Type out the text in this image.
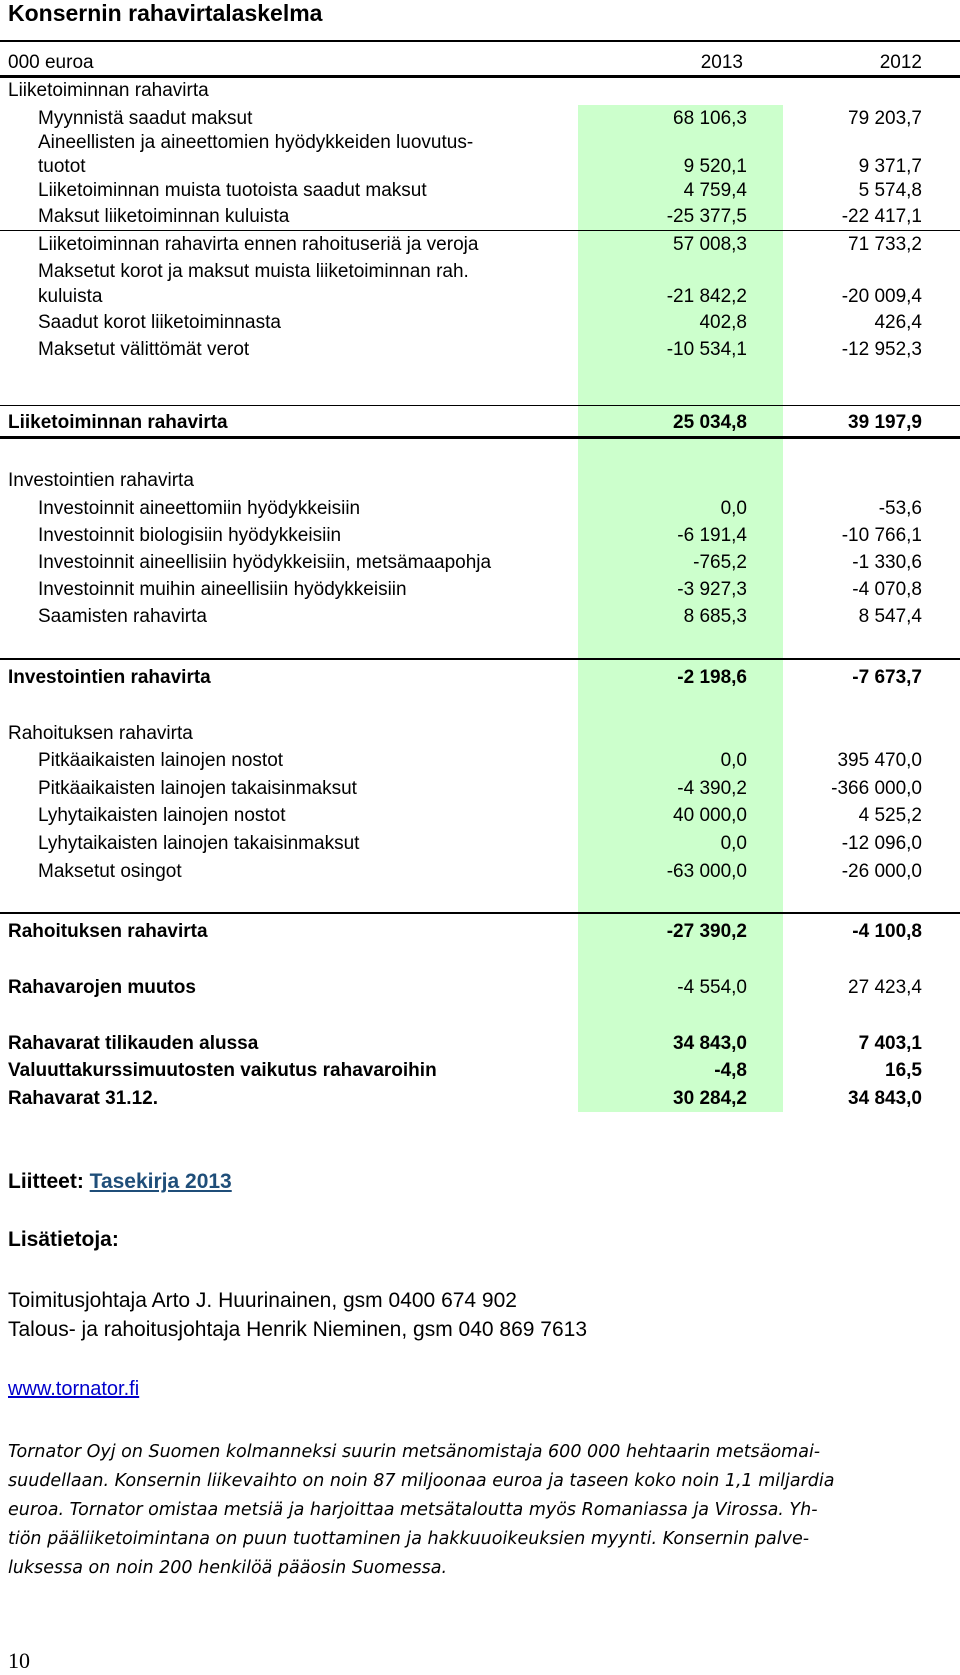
Konsernin rahavirtalaskelma
000 euroa	2013	2012
Liiketoiminnan rahavirta
Myynnistä saadut maksut	68 106,3	79 203,7
Aineellisten ja aineettomien hyödykkeiden luovutus-
tuotot	9 520,1	9 371,7
Liiketoiminnan muista tuotoista saadut maksut	4 759,4	5 574,8
Maksut liiketoiminnan kuluista	-25 377,5	-22 417,1
Liiketoiminnan rahavirta ennen rahoituseriä ja veroja	57 008,3	71 733,2
Maksetut korot ja maksut muista liiketoiminnan rah.
kuluista	-21 842,2	-20 009,4
Saadut korot liiketoiminnasta	402,8	426,4
Maksetut välittömät verot	-10 534,1	-12 952,3
Liiketoiminnan rahavirta	25 034,8	39 197,9
Investointien rahavirta
Investoinnit aineettomiin hyödykkeisiin	0,0	-53,6
Investoinnit biologisiin hyödykkeisiin	-6 191,4	-10 766,1
Investoinnit aineellisiin hyödykkeisiin, metsämaapohja	-765,2	-1 330,6
Investoinnit muihin aineellisiin hyödykkeisiin	-3 927,3	-4 070,8
Saamisten rahavirta	8 685,3	8 547,4
Investointien rahavirta	-2 198,6	-7 673,7
Rahoituksen rahavirta
Pitkäaikaisten lainojen nostot	0,0	395 470,0
Pitkäaikaisten lainojen takaisinmaksut	-4 390,2	-366 000,0
Lyhytaikaisten lainojen nostot	40 000,0	4 525,2
Lyhytaikaisten lainojen takaisinmaksut	0,0	-12 096,0
Maksetut osingot	-63 000,0	-26 000,0
Rahoituksen rahavirta	-27 390,2	-4 100,8
Rahavarojen muutos	-4 554,0	27 423,4
Rahavarat tilikauden alussa	34 843,0	7 403,1
Valuuttakurssimuutosten vaikutus rahavaroihin	-4,8	16,5
Rahavarat 31.12.	30 284,2	34 843,0
Liitteet: Tasekirja 2013
Lisätietoja:
Toimitusjohtaja Arto J. Huurinainen, gsm 0400 674 902
Talous- ja rahoitusjohtaja Henrik Nieminen, gsm 040 869 7613
www.tornator.fi
Tornator Oyj on Suomen kolmanneksi suurin metsänomistaja 600 000 hehtaarin metsäomai-
suudellaan. Konsernin liikevaihto on noin 87 miljoonaa euroa ja taseen koko noin 1,1 miljardia
euroa. Tornator omistaa metsiä ja harjoittaa metsätaloutta myös Romaniassa ja Virossa. Yh-
tiön pääliiketoimintana on puun tuottaminen ja hakkuuoikeuksien myynti. Konsernin palve-
luksessa on noin 200 henkilöä pääosin Suomessa.
10
